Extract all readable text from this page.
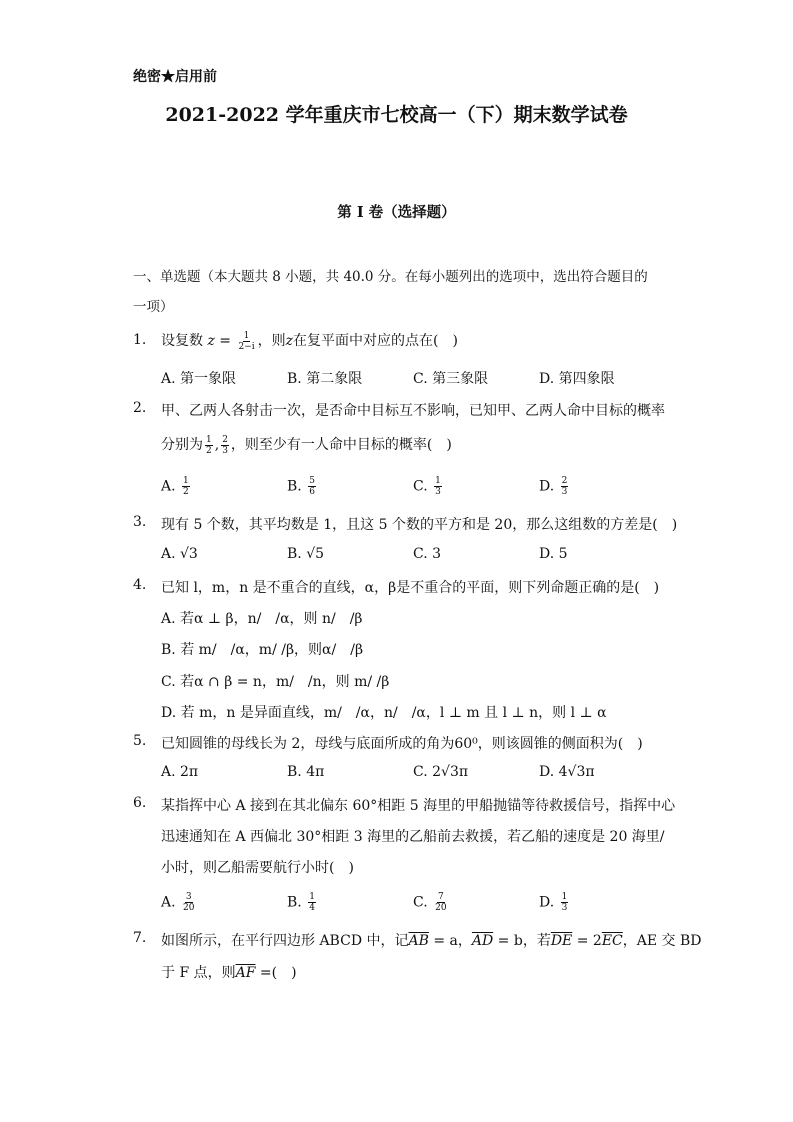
绝密★启用前
2021-2022 学年重庆市七校高一（下）期末数学试卷
第 I 卷（选择题）
一、单选题（本大题共 8 小题，共 40.0 分。在每小题列出的选项中，选出符合题目的一项）
1. 设复数 $z = \frac{1}{2-i}$ ，则z在复平面中对应的点在(　)
A. 第一象限	B. 第二象限	C. 第三象限	D. 第四象限
2. 甲、乙两人各射击一次，是否命中目标互不影响，已知甲、乙两人命中目标的概率
分别为 $\frac{1}{2}$ , $\frac{2}{3}$ ，则至少有一人命中目标的概率(　)
A. $\frac{1}{2}$	B. $\frac{5}{6}$	C. $\frac{1}{3}$	D. $\frac{2}{3}$
3. 现有 5 个数，其平均数是 1，且这 5 个数的平方和是 20，那么这组数的方差是(　)
A. √3	B. √5	C. 3	D. 5
4. 已知 l，m，n 是不重合的直线，α，β是不重合的平面，则下列命题正确的是(　)
A. 若α ⊥ β，n/　/α，则 n/　/β
B. 若 m/　/α，m/ /β，则α/　/β
C. 若α ∩ β = n，m/　/n，则 m/ /β
D. 若 m，n 是异面直线，m/　/α，n/　/α，l ⊥ m 且 l ⊥ n，则 l ⊥ α
5. 已知圆锥的母线长为 2，母线与底面所成的角为60⁰，则该圆锥的侧面积为(　)
A. 2π	B. 4π	C. 2√3π	D. 4√3π
6. 某指挥中心 A 接到在其北偏东 60°相距 5 海里的甲船抛锚等待救援信号，指挥中心
迅速通知在 A 西偏北 30°相距 3 海里的乙船前去救援，若乙船的速度是 20 海里/
小时，则乙船需要航行小时(　)
A. $\frac{3}{20}$	B. $\frac{1}{4}$	C. $\frac{7}{20}$	D. $\frac{1}{3}$
7. 如图所示，在平行四边形 ABCD 中，记$\overline{AB} = a$，$\overline{AD} = b$，若$\overline{DE} = 2\overline{EC}$，AE 交 BD
于 F 点，则$\overline{AF}$ =(　)
